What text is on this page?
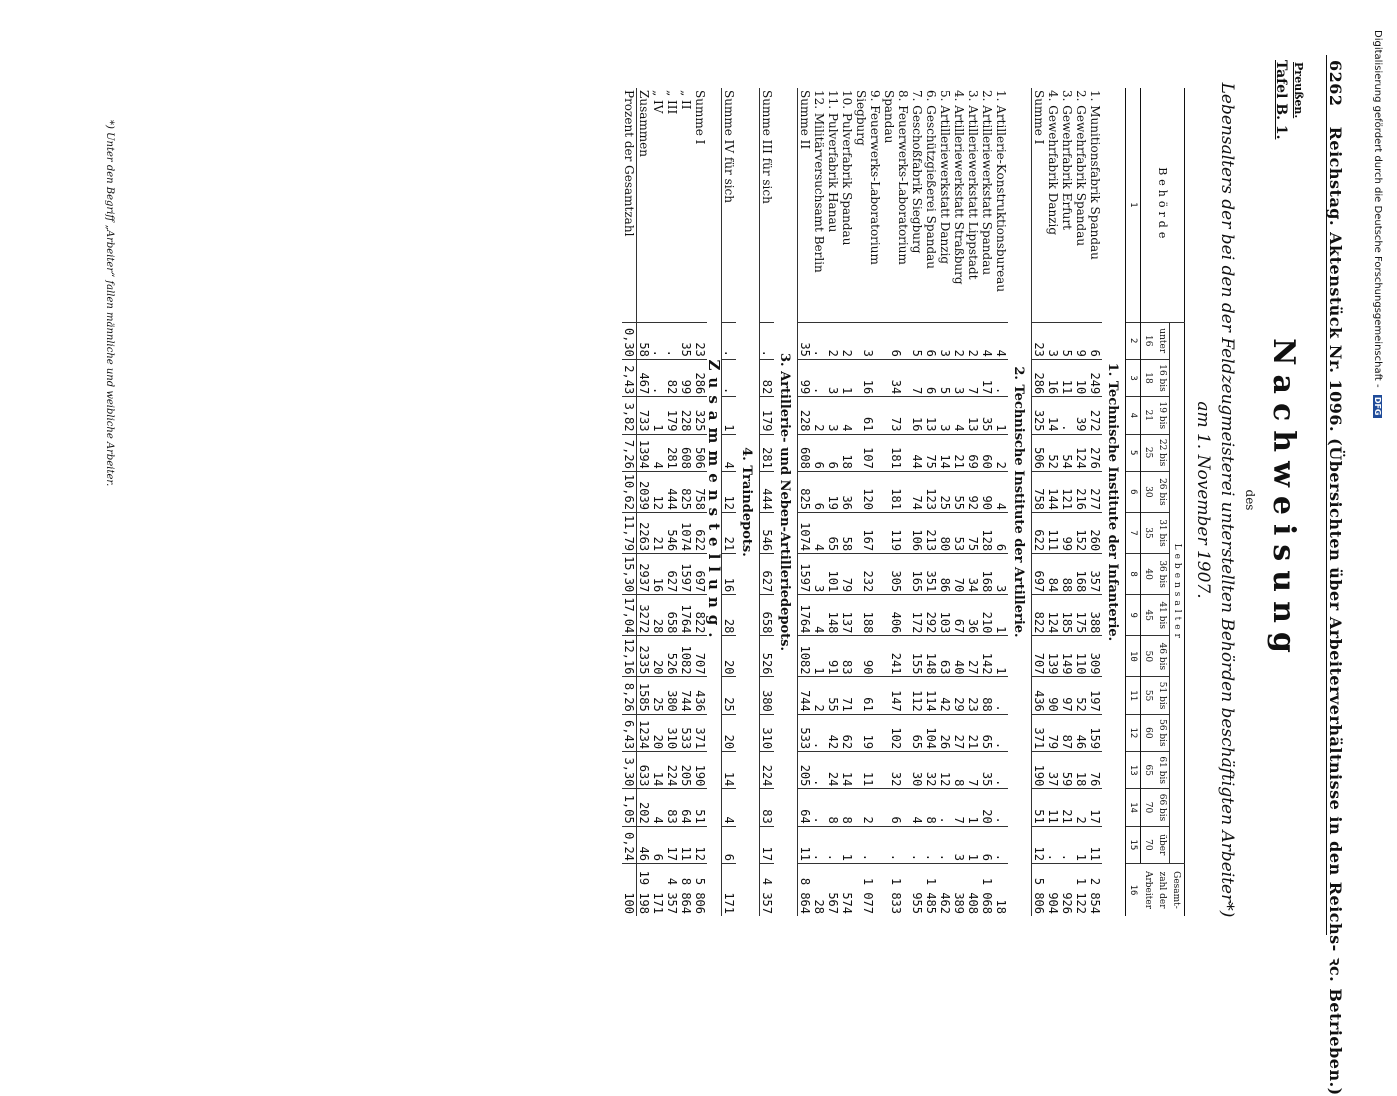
6262 Reichstag. Aktenstück Nr. 1096. (Übersichten über Arbeiterverhältnisse in den Reichs- ꝛc. Betrieben.)
Preußen.
Tafel B. 1.
Nachweisung
des
Lebensalters der bei den der Feldzeugmeisterei unterstellten Behörden beschäftigten Arbeiter*)
am 1. November 1907.
Behörde	Lebensalter														Gesamt- zahl der Arbeiter
	unter 16	16 bis 18	19 bis 21	22 bis 25	26 bis 30	31 bis 35	36 bis 40	41 bis 45	46 bis 50	51 bis 55	56 bis 60	61 bis 65	66 bis 70	über 70	
1	2	3	4	5	6	7	8	9	10	11	12	13	14	15	16
1. Technische Institute der Infanterie.															
1. Munitionsfabrik Spandau	6	249	272	276	277	260	357	388	309	197	159	76	17	11	2 854
2. Gewehrfabrik Spandau	9	10	39	124	216	152	168	175	110	52	46	18	2	1	1 122
3. Gewehrfabrik Erfurt	5	11	.	54	121	99	88	185	149	97	87	59	21	.	926
4. Gewehrfabrik Danzig	3	16	14	52	144	111	84	124	139	90	79	37	11	.	904
Summe I	23	286	325	506	758	622	697	822	707	436	371	190	51	12	5 806
2. Technische Institute der Artillerie.															
1. Artillerie-Konstruktionsbureau	4	.	1	2	4	6	3	1	1	.	.	.	.	.	18
2. Artilleriewerkstatt Spandau	4	17	35	60	90	128	168	210	142	88	65	35	20	6	1 068
3. Artilleriewerkstatt Lippstadt	2	7	13	69	92	75	34	36	27	23	21	7	1	1	408
4. Artilleriewerkstatt Straßburg	2	3	4	21	55	53	70	67	40	29	27	8	7	3	389
5. Artilleriewerkstatt Danzig	3	5	3	14	25	80	86	103	63	42	26	12	.	.	462
6. Geschützgießerei Spandau	6	6	13	75	123	213	351	292	148	114	104	32	8	.	1 485
7. Geschoßfabrik Siegburg	5	7	16	44	74	106	165	172	155	112	65	30	4	.	955
8. Feuerwerks-Laboratorium Spandau	6	34	73	181	181	119	305	406	241	147	102	32	6	.	1 833
9. Feuerwerks-Laboratorium Siegburg	3	16	61	107	120	167	232	188	90	61	19	11	2	.	1 077
10. Pulverfabrik Spandau	2	1	4	18	36	58	79	137	83	71	62	14	8	1	574
11. Pulverfabrik Hanau	2	3	3	6	19	65	101	148	91	55	42	24	8	.	567
12. Militärversuchsamt Berlin	.	.	2	6	6	4	3	4	1	2	.	.	.	.	28
Summe II	35	99	228	608	825	1074	1597	1764	1082	744	533	205	64	11	8 864
3. Artillerie- und Neben-Artilleriedepots.															
Summe III für sich	.	82	179	281	444	546	627	658	526	380	310	224	83	17	4 357
4. Traindepots.															
Summe IV für sich	.	.	1	4	12	21	16	28	20	25	20	14	4	6	171
Zusammenstellung.															
Summe I	23	286	325	506	758	622	697	822	707	436	371	190	51	12	5 806
„ II	35	99	228	608	825	1074	1597	1764	1082	744	533	205	64	11	8 864
„ III	.	82	179	281	444	546	627	658	526	380	310	224	83	17	4 357
„ IV	.	.	1	4	12	21	16	28	20	25	20	14	4	6	171
Zusammen	58	467	733	1394	2039	2263	2937	3272	2335	1585	1234	633	202	46	19 198
Prozent der Gesamtzahl	0,30	2,43	3,82	7,26	10,62	11,79	15,30	17,04	12,16	8,26	6,43	3,30	1,05	0,24	100
*) Unter den Begriff „Arbeiter“ fallen männliche und weibliche Arbeiter.	Digitalisierung gefördert durch die Deutsche Forschungsgemeinschaft - DFG
